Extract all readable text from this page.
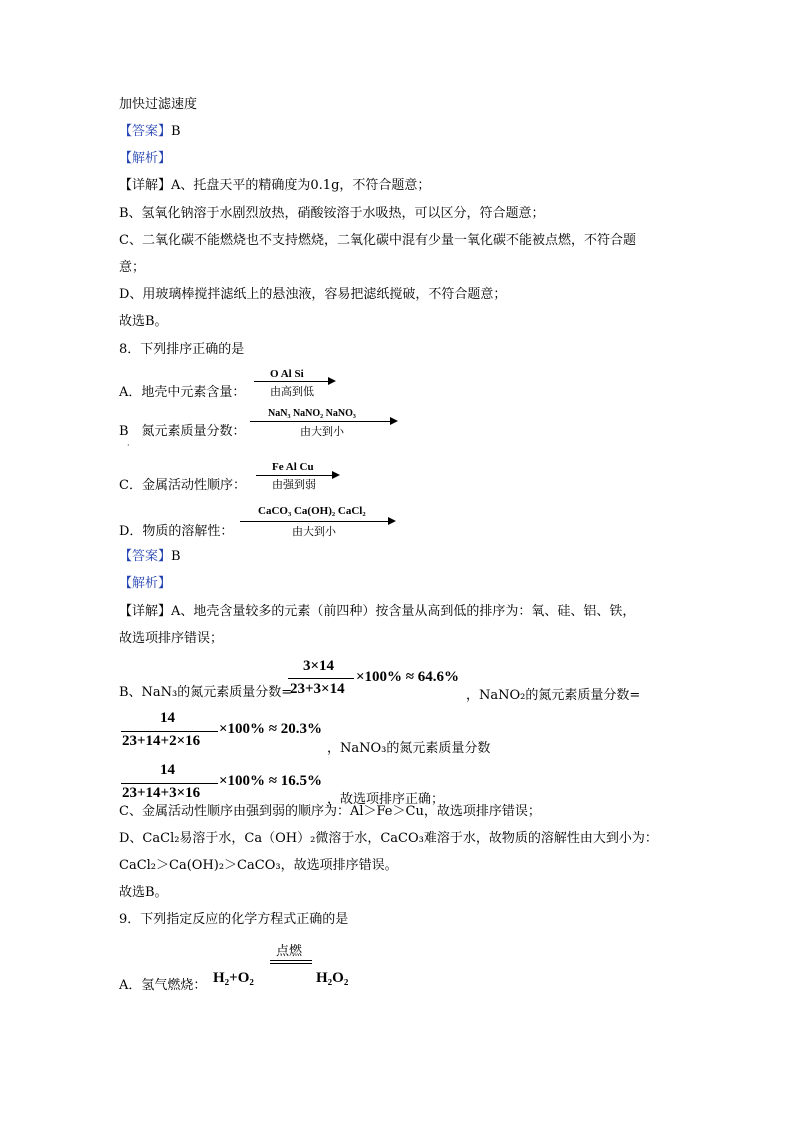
加快过滤速度
【答案】B
【解析】
【详解】A、托盘天平的精确度为0.1g，不符合题意；
B、氢氧化钠溶于水剧烈放热，硝酸铵溶于水吸热，可以区分，符合题意；
C、二氧化碳不能燃烧也不支持燃烧，二氧化碳中混有少量一氧化碳不能被点燃，不符合题
意；
D、用玻璃棒搅拌滤纸上的悬浊液，容易把滤纸搅破，不符合题意；
故选B。
8．下列排序正确的是
A．地壳中元素含量：
O Al Si
由高到低
B　氮元素质量分数：
NaN₃ NaNO₂ NaNO₃
由大到小
·
C．金属活动性顺序：
Fe Al Cu
由强到弱
D．物质的溶解性：
CaCO₃ Ca(OH)₂ CaCl₂
由大到小
【答案】B
【解析】
【详解】A、地壳含量较多的元素（前四种）按含量从高到低的排序为：氧、硅、铝、铁，
故选项排序错误；
B、NaN₃的氮元素质量分数=
3×14
23+3×14
×100% ≈ 64.6%
，NaNO₂的氮元素质量分数=
14
23+14+2×16
×100% ≈ 20.3%
，NaNO₃的氮元素质量分数
14
23+14+3×16
×100% ≈ 16.5%
，故选项排序正确；
C、金属活动性顺序由强到弱的顺序为：Al＞Fe＞Cu，故选项排序错误；
D、CaCl₂易溶于水，Ca（OH）₂微溶于水，CaCO₃难溶于水，故物质的溶解性由大到小为：
CaCl₂＞Ca(OH)₂＞CaCO₃，故选项排序错误。
故选B。
9．下列指定反应的化学方程式正确的是
A．氢气燃烧： H₂+O₂
点燃
H₂O₂
